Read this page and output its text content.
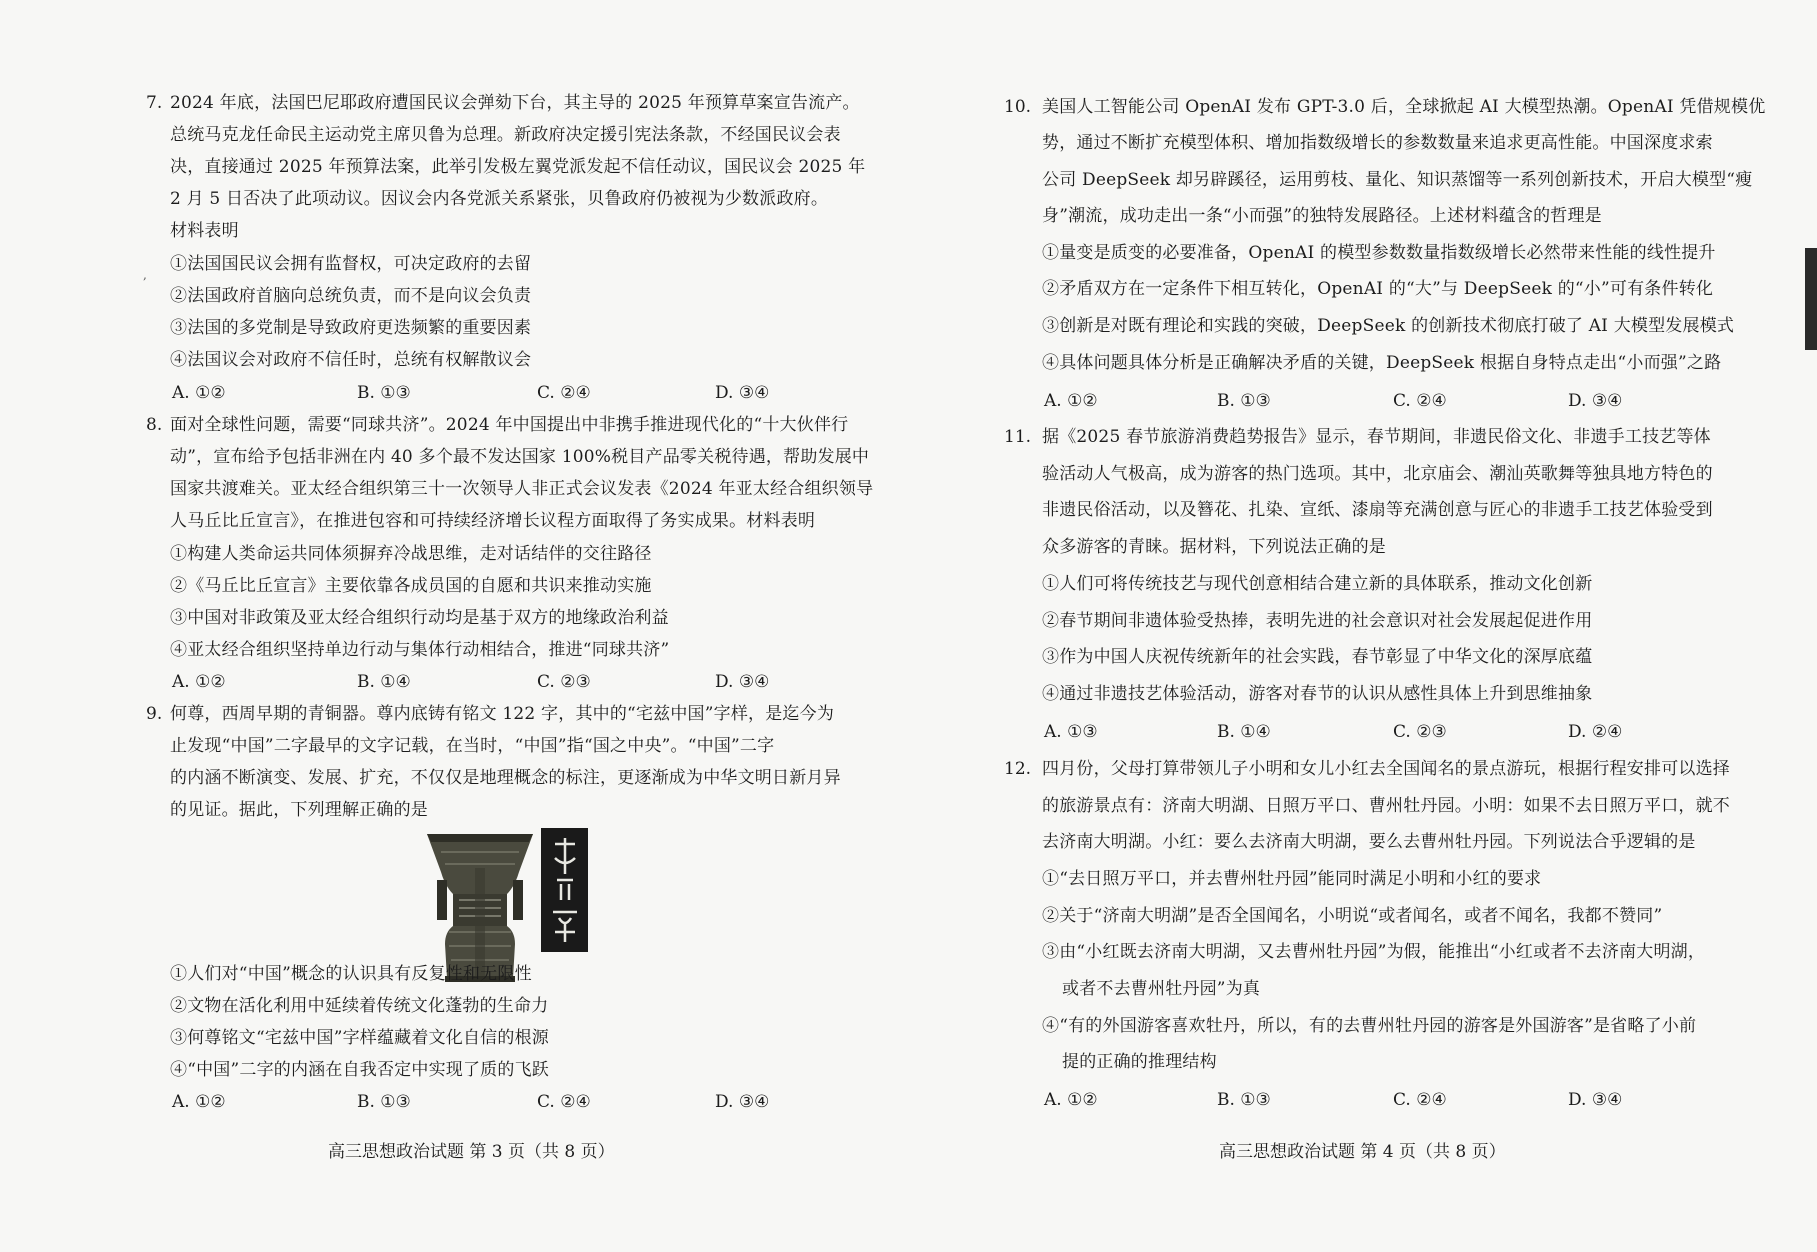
7. 2024 年底，法国巴尼耶政府遭国民议会弹劾下台，其主导的 2025 年预算草案宣告流产。
总统马克龙任命民主运动党主席贝鲁为总理。新政府决定援引宪法条款，不经国民议会表
决，直接通过 2025 年预算法案，此举引发极左翼党派发起不信任动议，国民议会 2025 年
2 月 5 日否决了此项动议。因议会内各党派关系紧张，贝鲁政府仍被视为少数派政府。
材料表明
,
①法国国民议会拥有监督权，可决定政府的去留
②法国政府首脑向总统负责，而不是向议会负责
③法国的多党制是导致政府更迭频繁的重要因素
④法国议会对政府不信任时，总统有权解散议会
A. ①②	B. ①③	C. ②④	D. ③④
8. 面对全球性问题，需要“同球共济”。2024 年中国提出中非携手推进现代化的“十大伙伴行
动”，宣布给予包括非洲在内 40 多个最不发达国家 100%税目产品零关税待遇，帮助发展中
国家共渡难关。亚太经合组织第三十一次领导人非正式会议发表《2024 年亚太经合组织领导
人马丘比丘宣言》，在推进包容和可持续经济增长议程方面取得了务实成果。材料表明
①构建人类命运共同体须摒弃冷战思维，走对话结伴的交往路径
②《马丘比丘宣言》主要依靠各成员国的自愿和共识来推动实施
③中国对非政策及亚太经合组织行动均是基于双方的地缘政治利益
④亚太经合组织坚持单边行动与集体行动相结合，推进“同球共济”
A. ①②	B. ①④	C. ②③	D. ③④
9. 何尊，西周早期的青铜器。尊内底铸有铭文 122 字，其中的“宅兹中国”字样，是迄今为
止发现“中国”二字最早的文字记载，在当时，“中国”指“国之中央”。“中国”二字
的内涵不断演变、发展、扩充，不仅仅是地理概念的标注，更逐渐成为中华文明日新月异
的见证。据此，下列理解正确的是
①人们对“中国”概念的认识具有反复性和无限性
②文物在活化利用中延续着传统文化蓬勃的生命力
③何尊铭文“宅兹中国”字样蕴藏着文化自信的根源
④“中国”二字的内涵在自我否定中实现了质的飞跃
A. ①②	B. ①③	C. ②④	D. ③④
高三思想政治试题 第 3 页（共 8 页）
10. 美国人工智能公司 OpenAI 发布 GPT-3.0 后，全球掀起 AI 大模型热潮。OpenAI 凭借规模优
势，通过不断扩充模型体积、增加指数级增长的参数数量来追求更高性能。中国深度求索
公司 DeepSeek 却另辟蹊径，运用剪枝、量化、知识蒸馏等一系列创新技术，开启大模型“瘦
身”潮流，成功走出一条“小而强”的独特发展路径。上述材料蕴含的哲理是
①量变是质变的必要准备，OpenAI 的模型参数数量指数级增长必然带来性能的线性提升
②矛盾双方在一定条件下相互转化，OpenAI 的“大”与 DeepSeek 的“小”可有条件转化
③创新是对既有理论和实践的突破，DeepSeek 的创新技术彻底打破了 AI 大模型发展模式
④具体问题具体分析是正确解决矛盾的关键，DeepSeek 根据自身特点走出“小而强”之路
A. ①②	B. ①③	C. ②④	D. ③④
11. 据《2025 春节旅游消费趋势报告》显示，春节期间，非遗民俗文化、非遗手工技艺等体
验活动人气极高，成为游客的热门选项。其中，北京庙会、潮汕英歌舞等独具地方特色的
非遗民俗活动，以及簪花、扎染、宣纸、漆扇等充满创意与匠心的非遗手工技艺体验受到
众多游客的青睐。据材料，下列说法正确的是
①人们可将传统技艺与现代创意相结合建立新的具体联系，推动文化创新
②春节期间非遗体验受热捧，表明先进的社会意识对社会发展起促进作用
③作为中国人庆祝传统新年的社会实践，春节彰显了中华文化的深厚底蕴
④通过非遗技艺体验活动，游客对春节的认识从感性具体上升到思维抽象
A. ①③	B. ①④	C. ②③	D. ②④
12. 四月份，父母打算带领儿子小明和女儿小红去全国闻名的景点游玩，根据行程安排可以选择
的旅游景点有：济南大明湖、日照万平口、曹州牡丹园。小明：如果不去日照万平口，就不
去济南大明湖。小红：要么去济南大明湖，要么去曹州牡丹园。下列说法合乎逻辑的是
①“去日照万平口，并去曹州牡丹园”能同时满足小明和小红的要求
②关于“济南大明湖”是否全国闻名，小明说“或者闻名，或者不闻名，我都不赞同”
③由“小红既去济南大明湖，又去曹州牡丹园”为假，能推出“小红或者不去济南大明湖，
或者不去曹州牡丹园”为真
④“有的外国游客喜欢牡丹，所以，有的去曹州牡丹园的游客是外国游客”是省略了小前
提的正确的推理结构
A. ①②	B. ①③	C. ②④	D. ③④
高三思想政治试题 第 4 页（共 8 页）
